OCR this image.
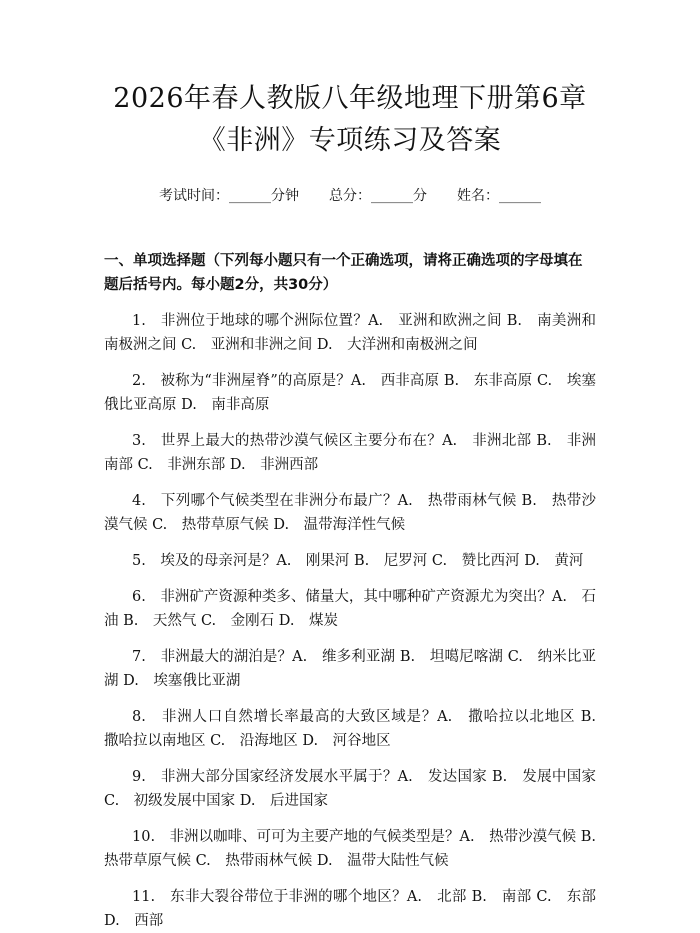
2026年春人教版八年级地理下册第6章《非洲》专项练习及答案
考试时间：______分钟 总分：______分 姓名：______
一、单项选择题（下列每小题只有一个正确选项，请将正确选项的字母填在题后括号内。每小题2分，共30分）

1.　非洲位于地球的哪个洲际位置？A.　亚洲和欧洲之间 B.　南美洲和南极洲之间 C.　亚洲和非洲之间 D.　大洋洲和南极洲之间

2.　被称为“非洲屋脊”的高原是？A.　西非高原 B.　东非高原 C.　埃塞俄比亚高原 D.　南非高原

3.　世界上最大的热带沙漠气候区主要分布在？A.　非洲北部 B.　非洲南部 C.　非洲东部 D.　非洲西部

4.　下列哪个气候类型在非洲分布最广？A.　热带雨林气候 B.　热带沙漠气候 C.　热带草原气候 D.　温带海洋性气候

5.　埃及的母亲河是？A.　刚果河 B.　尼罗河 C.　赞比西河 D.　黄河

6.　非洲矿产资源种类多、储量大，其中哪种矿产资源尤为突出？A.　石油 B.　天然气 C.　金刚石 D.　煤炭

7.　非洲最大的湖泊是？A.　维多利亚湖 B.　坦噶尼喀湖 C.　纳米比亚湖 D.　埃塞俄比亚湖

8.　非洲人口自然增长率最高的大致区域是？A.　撒哈拉以北地区 B.　撒哈拉以南地区 C.　沿海地区 D.　河谷地区

9.　非洲大部分国家经济发展水平属于？A.　发达国家 B.　发展中国家 C.　初级发展中国家 D.　后进国家

10.　非洲以咖啡、可可为主要产地的气候类型是？A.　热带沙漠气候 B.　热带草原气候 C.　热带雨林气候 D.　温带大陆性气候

11.　东非大裂谷带位于非洲的哪个地区？A.　北部 B.　南部 C.　东部 D.　西部
